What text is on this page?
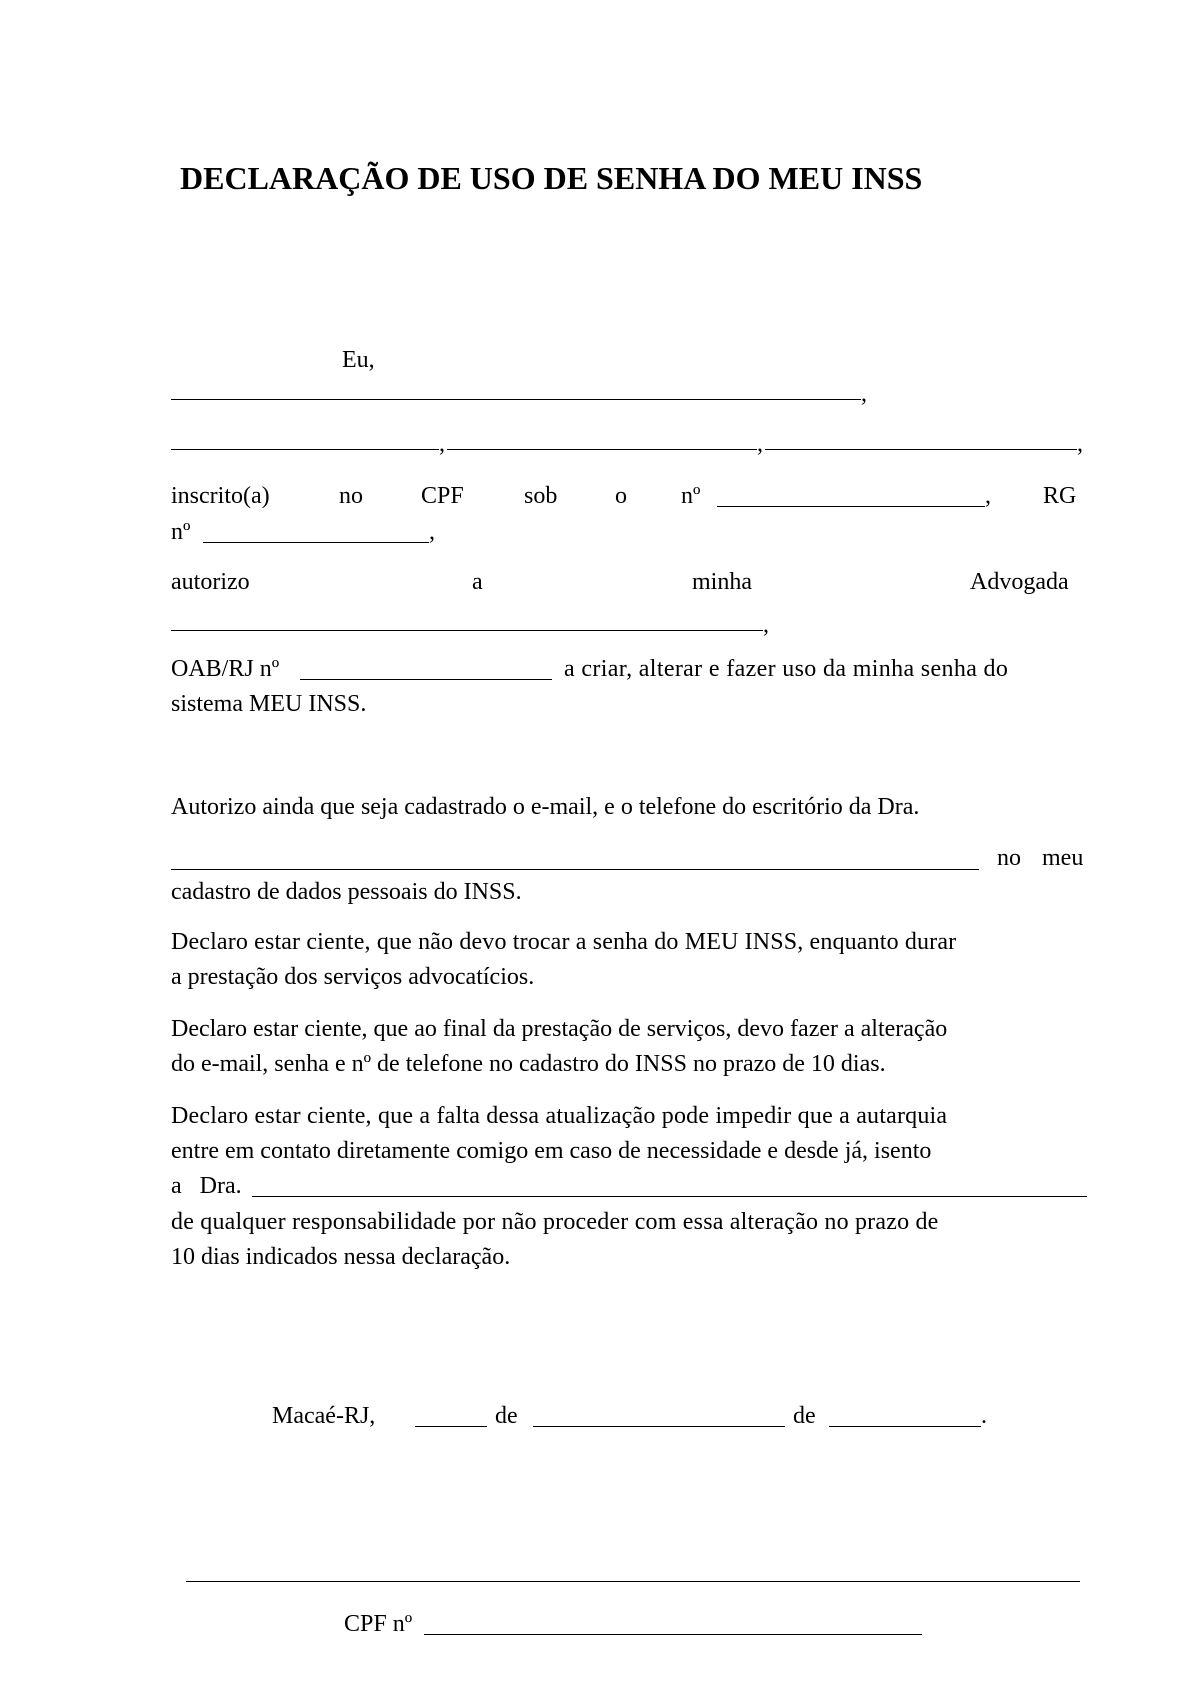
DECLARAÇÃO DE USO DE SENHA DO MEU INSS
Eu,
,
,	,	,
inscrito(a)	no CPF	sob o nº	, RG
nº	,
autorizo	a	minha	Advogada
,
OAB/RJ nº	a criar, alterar e fazer uso da minha senha do
sistema MEU INSS.
Autorizo ainda que seja cadastrado o e-mail, e o telefone do escritório da Dra.
no meu
cadastro de dados pessoais do INSS.
Declaro estar ciente, que não devo trocar a senha do MEU INSS, enquanto durar
a prestação dos serviços advocatícios.
Declaro estar ciente, que ao final da prestação de serviços, devo fazer a alteração
do e-mail, senha e nº de telefone no cadastro do INSS no prazo de 10 dias.
Declaro estar ciente, que a falta dessa atualização pode impedir que a autarquia
entre em contato diretamente comigo em caso de necessidade e desde já, isento
a   Dra.
de qualquer responsabilidade por não proceder com essa alteração no prazo de
10 dias indicados nessa declaração.
Macaé-RJ,	de	de	.
CPF nº
